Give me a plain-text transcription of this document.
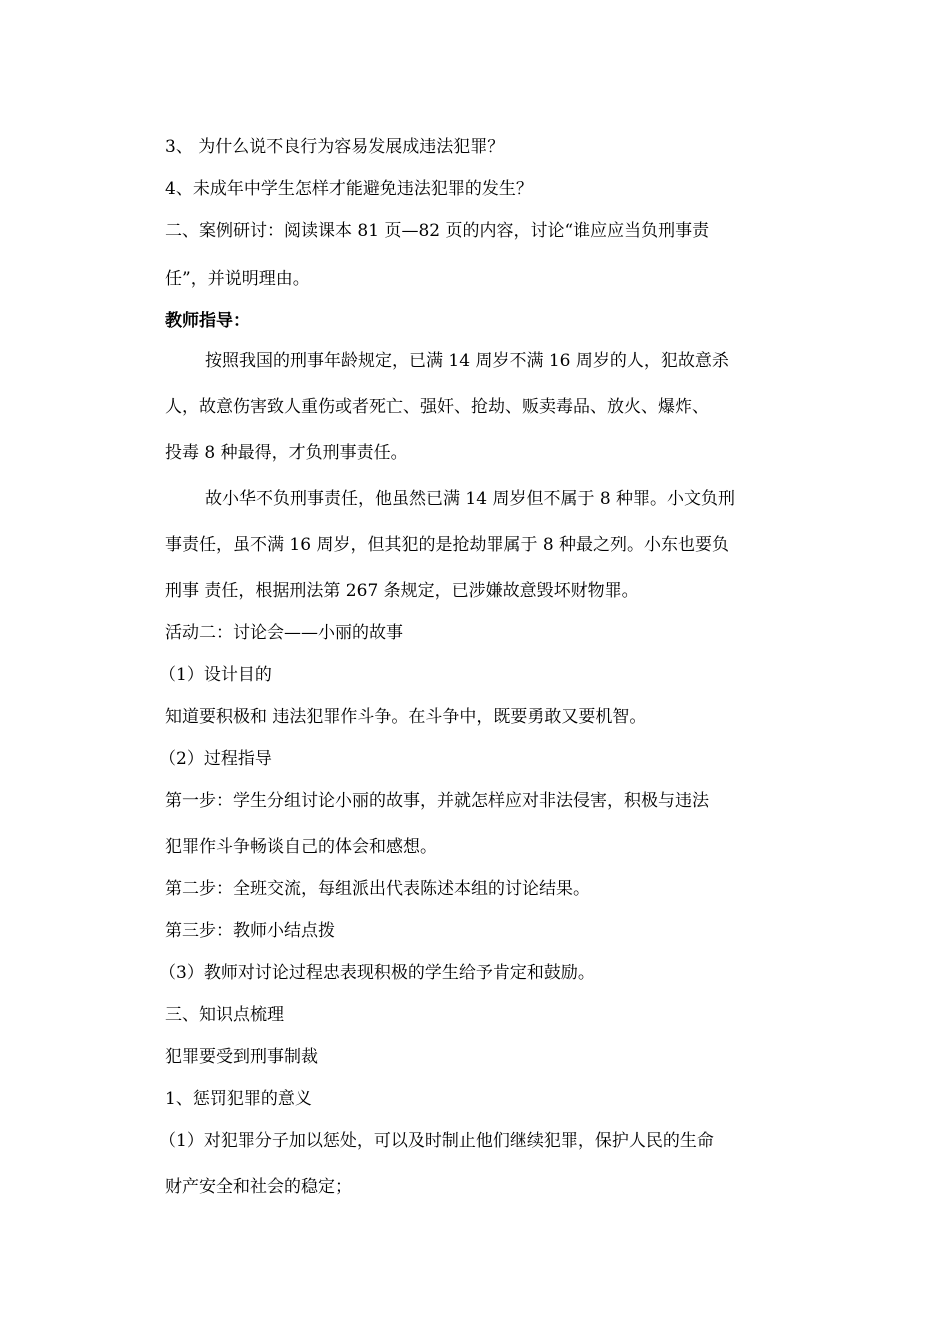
3、 为什么说不良行为容易发展成违法犯罪？

4、未成年中学生怎样才能避免违法犯罪的发生？

二、案例研讨：阅读课本 81 页—82 页的内容，讨论“谁应应当负刑事责

任”，并说明理由。

教师指导：

按照我国的刑事年龄规定，已满 14 周岁不满 16 周岁的人，犯故意杀

人，故意伤害致人重伤或者死亡、强奸、抢劫、贩卖毒品、放火、爆炸、

投毒 8 种最得，才负刑事责任。

故小华不负刑事责任，他虽然已满 14 周岁但不属于 8 种罪。小文负刑

事责任，虽不满 16 周岁，但其犯的是抢劫罪属于 8 种最之列。小东也要负

刑事 责任，根据刑法第 267 条规定，已涉嫌故意毁坏财物罪。

活动二：讨论会——小丽的故事

（1）设计目的

知道要积极和 违法犯罪作斗争。在斗争中，既要勇敢又要机智。

（2）过程指导

第一步：学生分组讨论小丽的故事，并就怎样应对非法侵害，积极与违法

犯罪作斗争畅谈自己的体会和感想。

第二步：全班交流，每组派出代表陈述本组的讨论结果。

第三步：教师小结点拨

（3）教师对讨论过程忠表现积极的学生给予肯定和鼓励。

三、知识点梳理

犯罪要受到刑事制裁

1、惩罚犯罪的意义

（1）对犯罪分子加以惩处，可以及时制止他们继续犯罪，保护人民的生命

财产安全和社会的稳定；
